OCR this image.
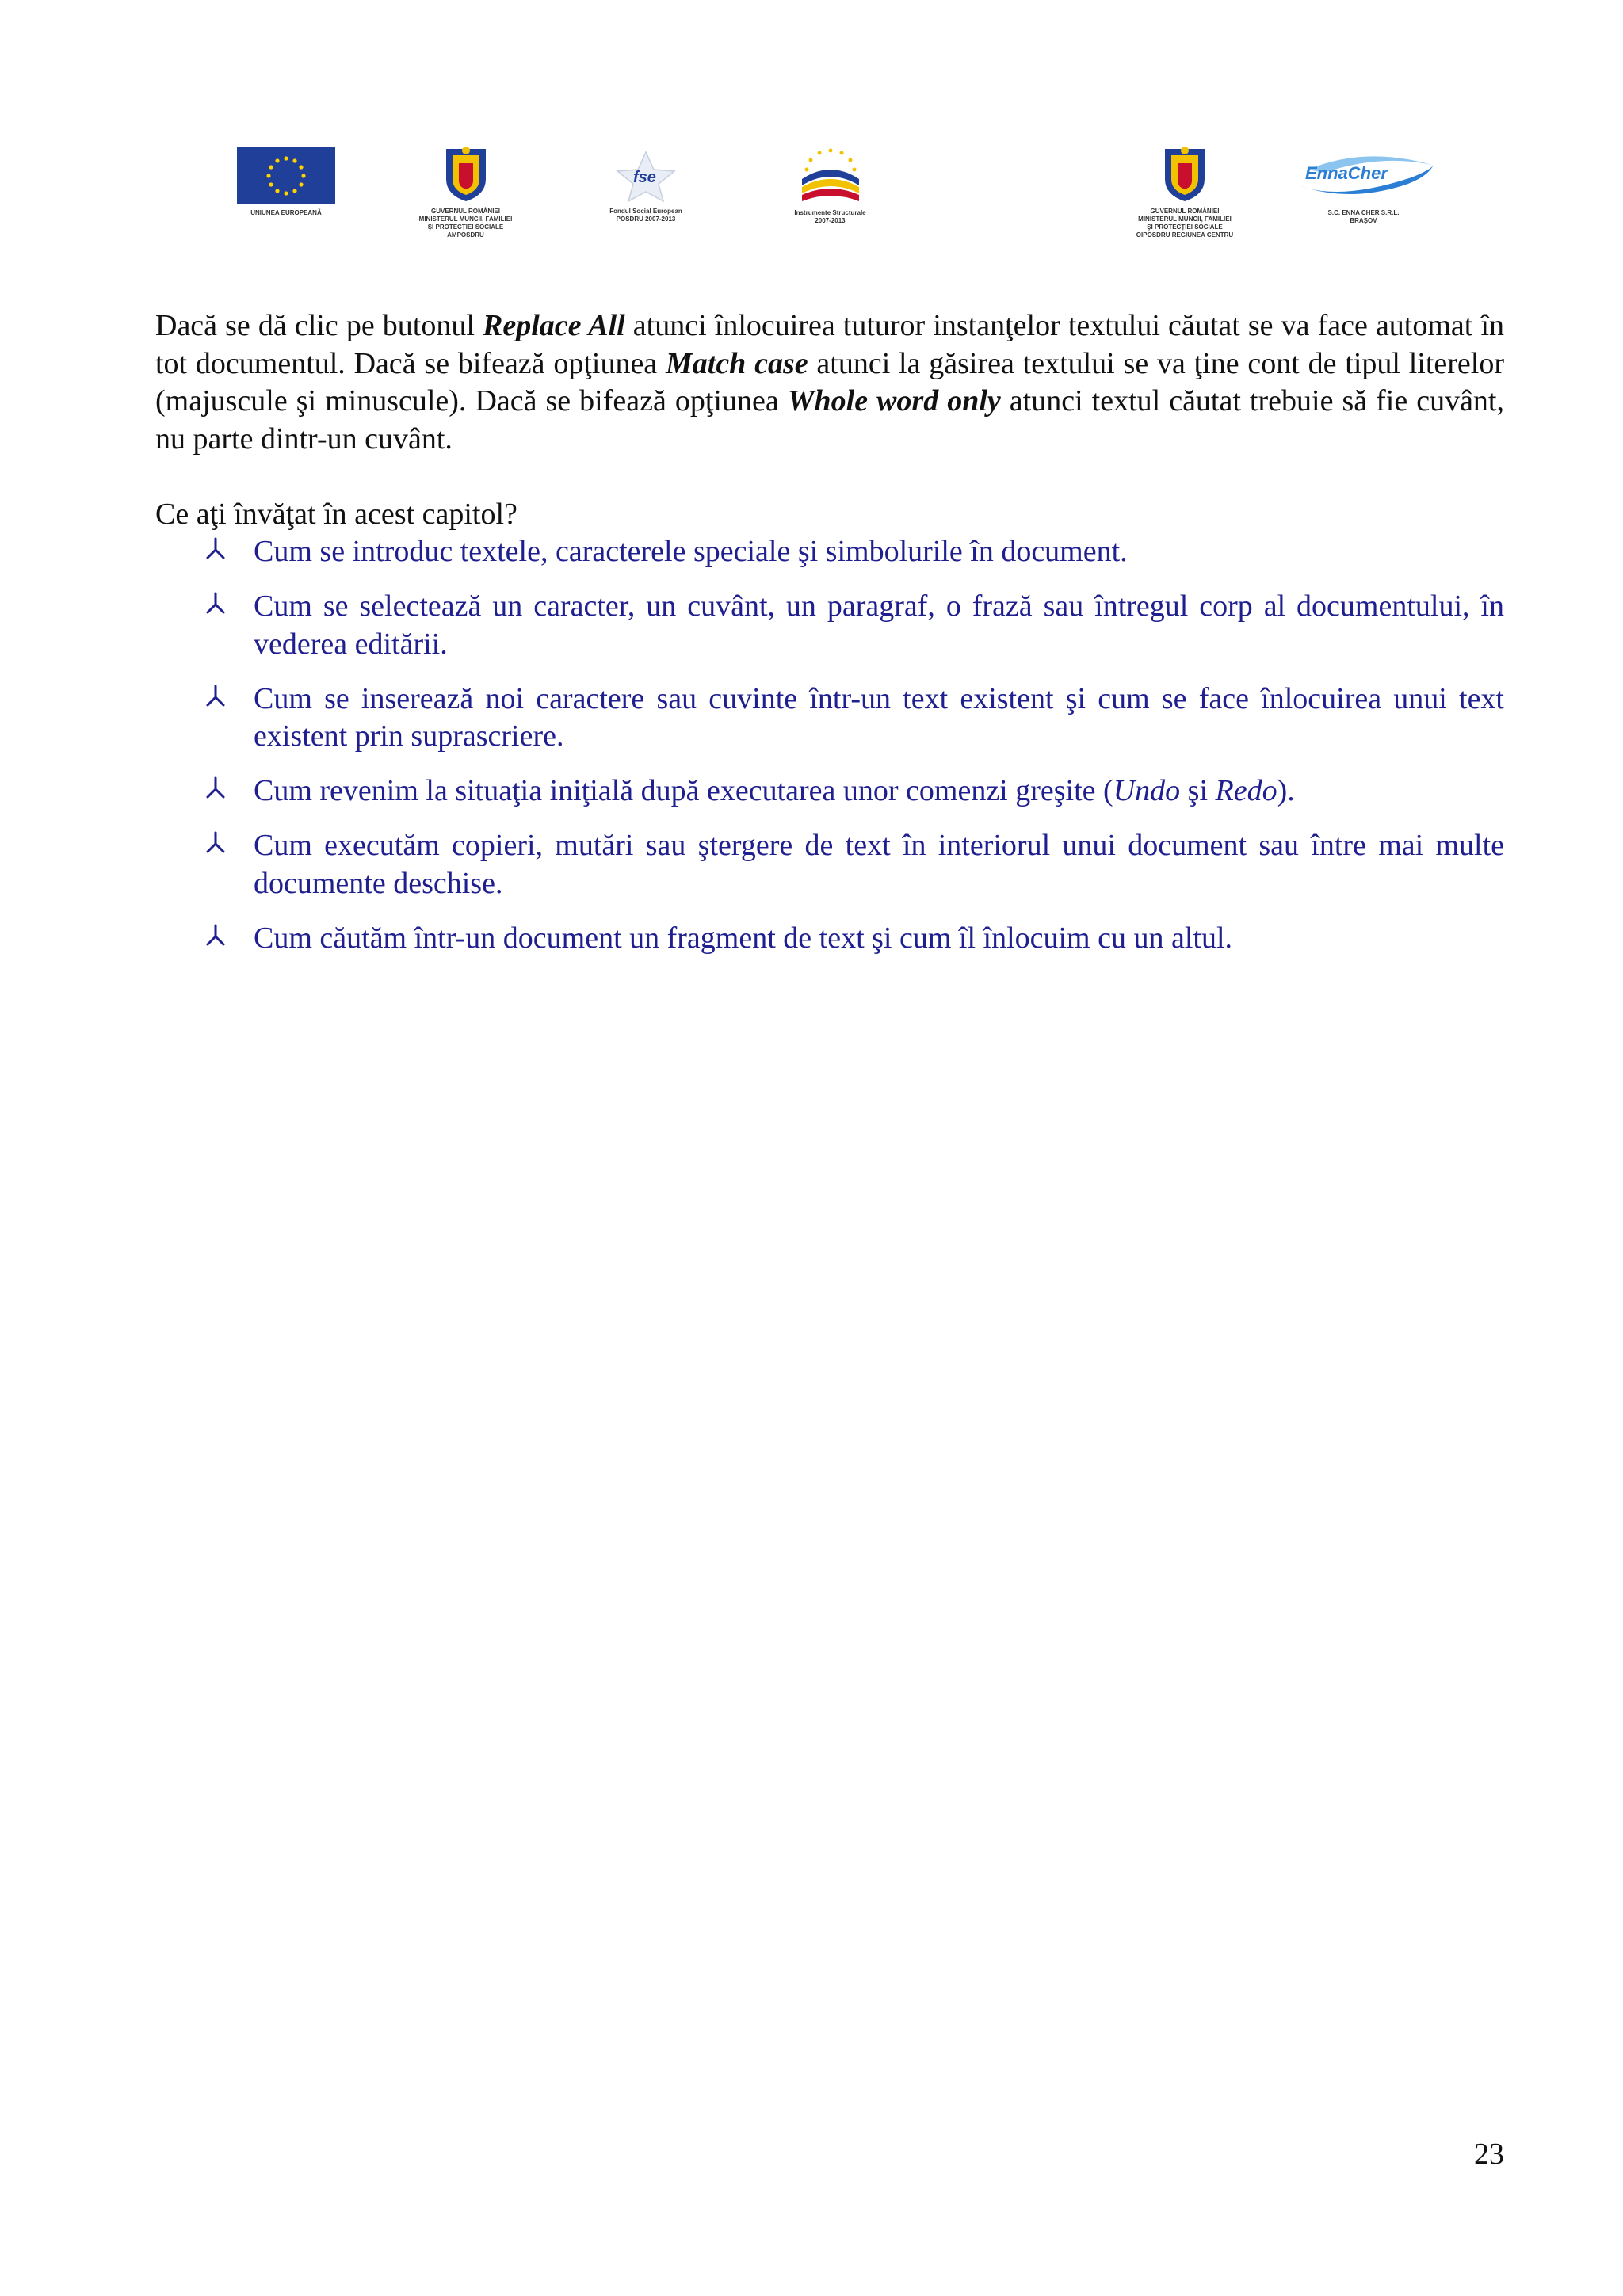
UNIUNEA EUROPEANĂ	GUVERNUL ROMÂNIEI
MINISTERUL MUNCII, FAMILIEI
ŞI PROTECȚIEI SOCIALE
AMPOSDRU
fse
Fondul Social European
POSDRU 2007-2013
Instrumente Structurale
2007-2013
GUVERNUL ROMÂNIEI
MINISTERUL MUNCII, FAMILIEI
ŞI PROTECȚIEI SOCIALE
OIPOSDRU REGIUNEA CENTRU
EnnaCher
S.C. ENNA CHER S.R.L.
BRAŞOV

Dacă se dă clic pe butonul Replace All atunci înlocuirea tuturor instanţelor textului căutat se va face automat în tot documentul. Dacă se bifează opţiunea Match case atunci la găsirea textului se va ţine cont de tipul literelor (majuscule şi minuscule). Dacă se bifează opţiunea Whole word only atunci textul căutat trebuie să fie cuvânt, nu parte dintr-un cuvânt.

Ce aţi învăţat în acest capitol?

Cum se introduc textele, caracterele speciale şi simbolurile în document.
Cum se selectează un caracter, un cuvânt, un paragraf, o frază sau întregul corp al documentului, în vederea editării.
Cum se inserează noi caractere sau cuvinte într-un text existent şi cum se face înlocuirea unui text existent prin suprascriere.
Cum revenim la situaţia iniţială după executarea unor comenzi greşite (Undo şi Redo).
Cum executăm copieri, mutări sau ştergere de text în interiorul unui document sau între mai multe documente deschise.
Cum căutăm într-un document un fragment de text şi cum îl înlocuim cu un altul.
23
